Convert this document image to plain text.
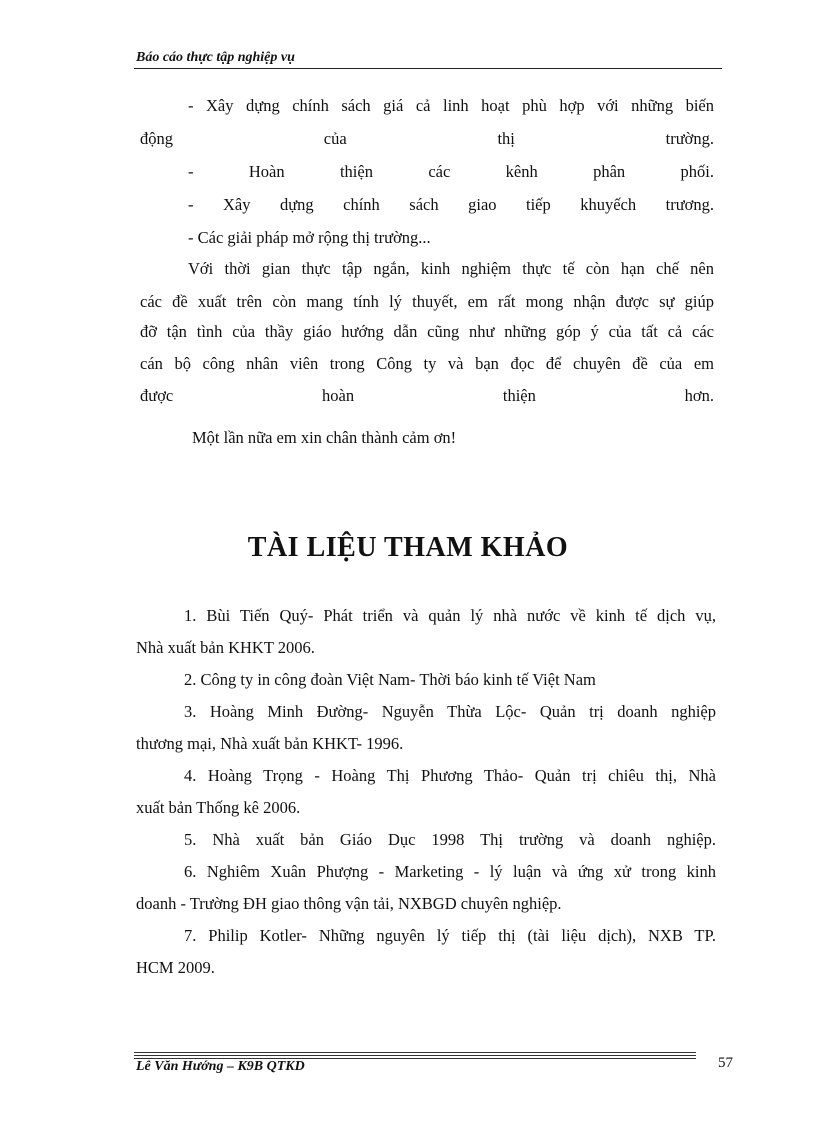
Báo cáo thực tập nghiệp vụ

- Xây dựng chính sách giá cả linh hoạt phù hợp với những biến

động của thị trường.

- Hoàn thiện các kênh phân phối.

- Xây dựng chính sách giao tiếp khuyếch trương.

- Các giải pháp mở rộng thị trường...

Với thời gian thực tập ngắn, kinh nghiệm thực tế còn hạn chế nên

các đề xuất trên còn mang tính lý thuyết, em rất mong nhận được sự giúp

đỡ tận tình của thầy giáo hướng dẫn cũng như những góp ý của tất cả các

cán bộ công nhân viên trong Công ty và bạn đọc để chuyên đề của em

được hoàn thiện hơn.

Một lần nữa em xin chân thành cảm ơn!

TÀI LIỆU THAM KHẢO
1. Bùi Tiến Quý- Phát triển và quản lý nhà nước về kinh tế dịch vụ,
Nhà xuất bản KHKT 2006.
2. Công ty in công đoàn Việt Nam- Thời báo kinh tế Việt Nam
3. Hoàng Minh Đường- Nguyễn Thừa Lộc- Quản trị doanh nghiệp
thương mại, Nhà xuất bản KHKT- 1996.
4. Hoàng Trọng - Hoàng Thị Phương Thảo- Quản trị chiêu thị, Nhà
xuất bản Thống kê 2006.
5. Nhà xuất bản Giáo Dục 1998 Thị trường và doanh nghiệp.
6. Nghiêm Xuân Phượng - Marketing - lý luận và ứng xử trong kinh
doanh - Trường ĐH giao thông vận tải, NXBGD chuyên nghiệp.
7. Philip Kotler- Những nguyên lý tiếp thị (tài liệu dịch), NXB TP.
HCM 2009.
Lê Văn Hướng – K9B QTKD	57
